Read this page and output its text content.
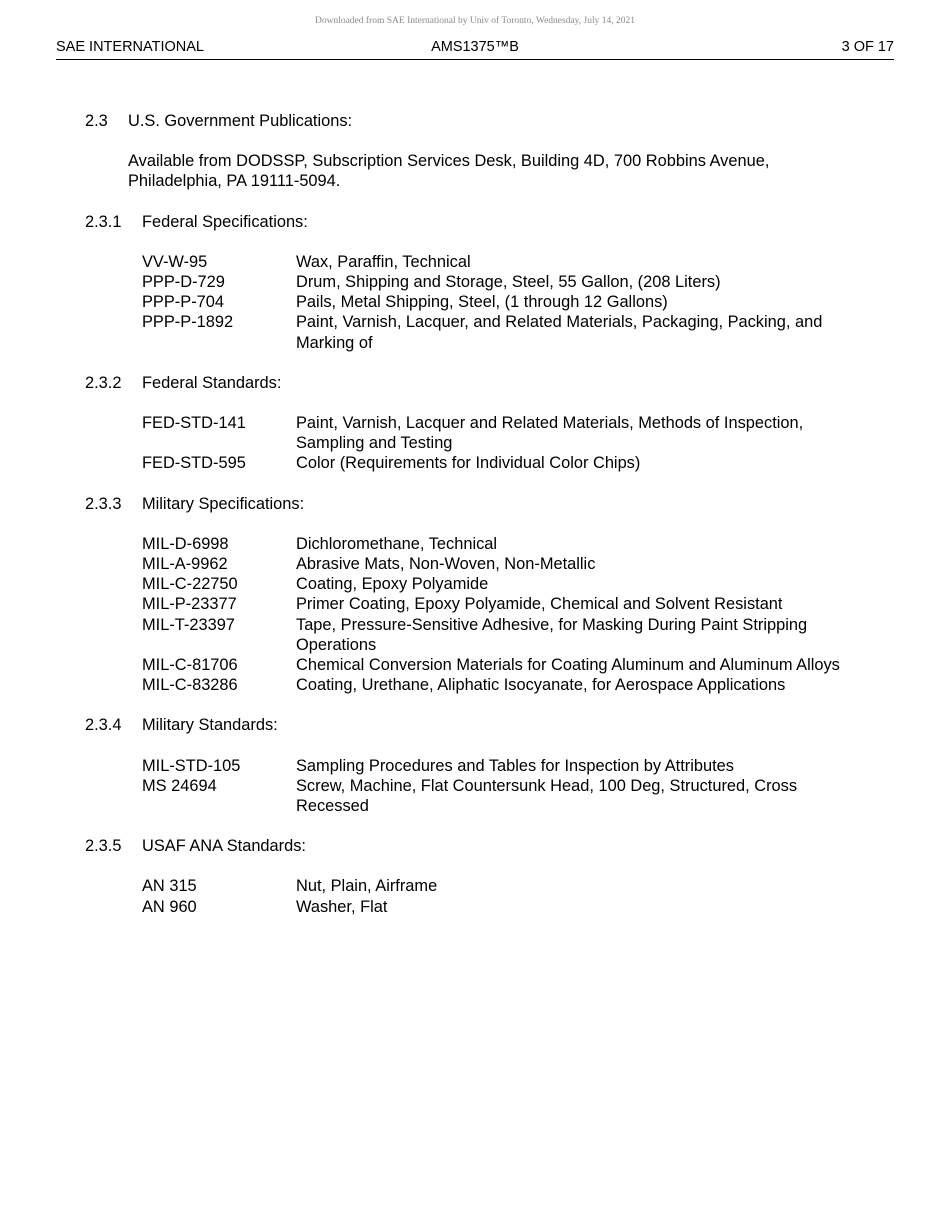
Downloaded from SAE International by Univ of Toronto, Wednesday, July 14, 2021
SAE INTERNATIONAL	AMS1375™B	3 OF 17
2.3	U.S. Government Publications:
Available from DODSSP, Subscription Services Desk, Building 4D, 700 Robbins Avenue, Philadelphia, PA 19111-5094.
2.3.1	Federal Specifications:
VV-W-95	Wax, Paraffin, Technical
PPP-D-729	Drum, Shipping and Storage, Steel, 55 Gallon, (208 Liters)
PPP-P-704	Pails, Metal Shipping, Steel, (1 through 12 Gallons)
PPP-P-1892	Paint, Varnish, Lacquer, and Related Materials, Packaging, Packing, and Marking of
2.3.2	Federal Standards:
FED-STD-141	Paint, Varnish, Lacquer and Related Materials, Methods of Inspection, Sampling and Testing
FED-STD-595	Color (Requirements for Individual Color Chips)
2.3.3	Military Specifications:
MIL-D-6998	Dichloromethane, Technical
MIL-A-9962	Abrasive Mats, Non-Woven, Non-Metallic
MIL-C-22750	Coating, Epoxy Polyamide
MIL-P-23377	Primer Coating, Epoxy Polyamide, Chemical and Solvent Resistant
MIL-T-23397	Tape, Pressure-Sensitive Adhesive, for Masking During Paint Stripping Operations
MIL-C-81706	Chemical Conversion Materials for Coating Aluminum and Aluminum Alloys
MIL-C-83286	Coating, Urethane, Aliphatic Isocyanate, for Aerospace Applications
2.3.4	Military Standards:
MIL-STD-105	Sampling Procedures and Tables for Inspection by Attributes
MS 24694	Screw, Machine, Flat Countersunk Head, 100 Deg, Structured, Cross Recessed
2.3.5	USAF ANA Standards:
AN 315	Nut, Plain, Airframe
AN 960	Washer, Flat
